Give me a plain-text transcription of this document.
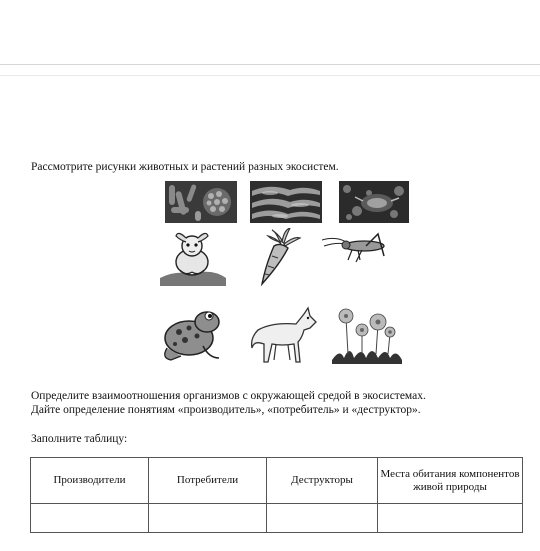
Рассмотрите рисунки животных и растений разных экосистем.
Определите взаимоотношения организмов с окружающей средой в экосистемах.
Дайте определение понятиям «производитель», «потребитель» и «деструктор».
Заполните таблицу:
Производители	Потребители	Деструкторы	Места обитания компонентов живой природы
